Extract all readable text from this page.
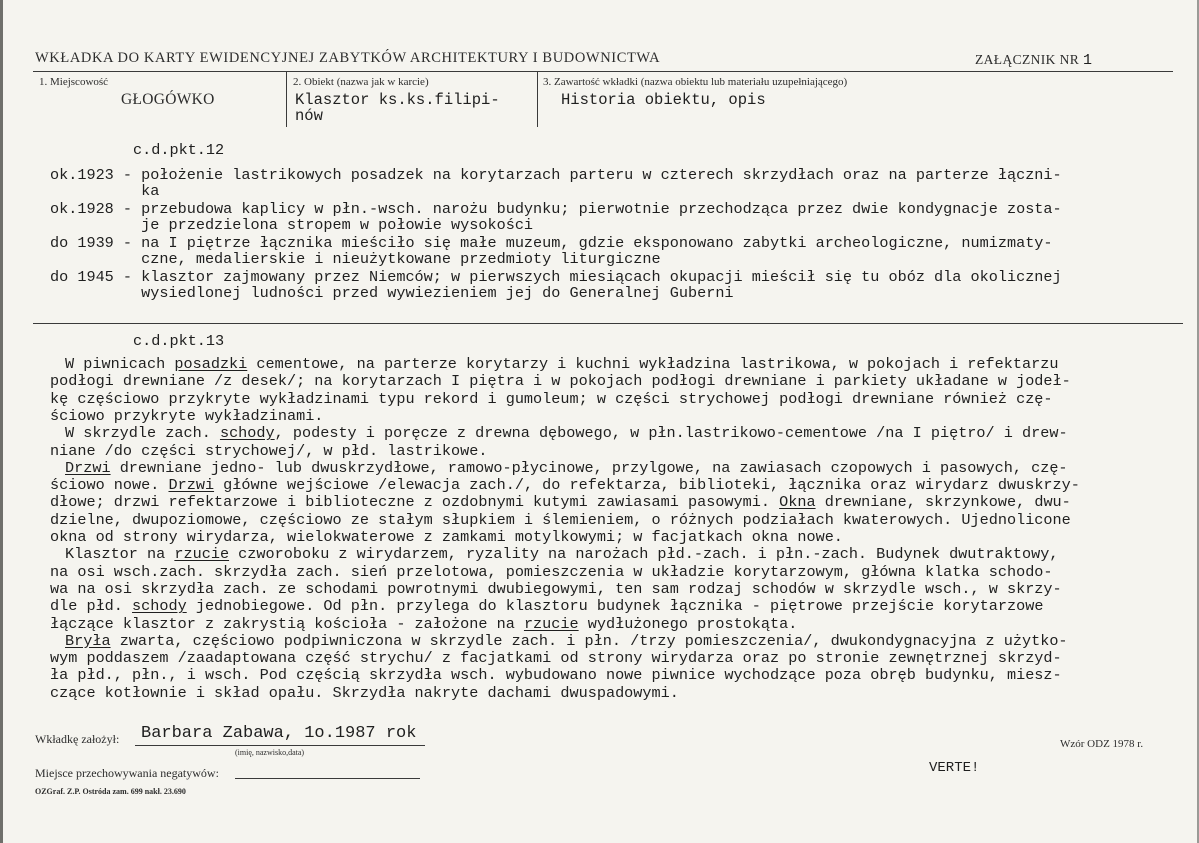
WKŁADKA DO KARTY EWIDENCYJNEJ ZABYTKÓW ARCHITEKTURY I BUDOWNICTWA	ZAŁĄCZNIK NR 1
1. Miejscowość
GŁOGÓWKO
2. Obiekt (nazwa jak w karcie)
Klasztor ks.ks.filipi-
nów
3. Zawartość wkładki (nazwa obiektu lub materiału uzupełniającego)
Historia obiektu, opis
c.d.pkt.12
ok.1923 - położenie lastrikowych posadzek na korytarzach parteru w czterech skrzydłach oraz na parterze łączni-
ka
ok.1928 - przebudowa kaplicy w płn.-wsch. narożu budynku; pierwotnie przechodząca przez dwie kondygnacje zosta-
je przedzielona stropem w połowie wysokości
do 1939 - na I piętrze łącznika mieściło się małe muzeum, gdzie eksponowano zabytki archeologiczne, numizmaty-
czne, medalierskie i nieużytkowane przedmioty liturgiczne
do 1945 - klasztor zajmowany przez Niemców; w pierwszych miesiącach okupacji mieścił się tu obóz dla okolicznej
wysiedlonej ludności przed wywiezieniem jej do Generalnej Guberni
c.d.pkt.13
W piwnicach posadzki cementowe, na parterze korytarzy i kuchni wykładzina lastrikowa, w pokojach i refektarzu
podłogi drewniane /z desek/; na korytarzach I piętra i w pokojach podłogi drewniane i parkiety układane w jodeł-
kę częściowo przykryte wykładzinami typu rekord i gumoleum; w części strychowej podłogi drewniane również czę-
ściowo przykryte wykładzinami.
W skrzydle zach. schody, podesty i poręcze z drewna dębowego, w płn.lastrikowo-cementowe /na I piętro/ i drew-
niane /do części strychowej/, w płd. lastrikowe.
Drzwi drewniane jedno- lub dwuskrzydłowe, ramowo-płycinowe, przylgowe, na zawiasach czopowych i pasowych, czę-
ściowo nowe. Drzwi główne wejściowe /elewacja zach./, do refektarza, biblioteki, łącznika oraz wirydarz dwuskrzy-
dłowe; drzwi refektarzowe i biblioteczne z ozdobnymi kutymi zawiasami pasowymi. Okna drewniane, skrzynkowe, dwu-
dzielne, dwupoziomowe, częściowo ze stałym słupkiem i ślemieniem, o różnych podziałach kwaterowych. Ujednolicone
okna od strony wirydarza, wielokwaterowe z zamkami motylkowymi; w facjatkach okna nowe.
Klasztor na rzucie czworoboku z wirydarzem, ryzality na narożach płd.-zach. i płn.-zach. Budynek dwutraktowy,
na osi wsch.zach. skrzydła zach. sień przelotowa, pomieszczenia w układzie korytarzowym, główna klatka schodo-
wa na osi skrzydła zach. ze schodami powrotnymi dwubiegowymi, ten sam rodzaj schodów w skrzydle wsch., w skrzy-
dle płd. schody jednobiegowe. Od płn. przylega do klasztoru budynek łącznika - piętrowe przejście korytarzowe
łączące klasztor z zakrystią kościoła - założone na rzucie wydłużonego prostokąta.
Bryła zwarta, częściowo podpiwniczona w skrzydle zach. i płn. /trzy pomieszczenia/, dwukondygnacyjna z użytko-
wym poddaszem /zaadaptowana część strychu/ z facjatkami od strony wirydarza oraz po stronie zewnętrznej skrzyd-
ła płd., płn., i wsch. Pod częścią skrzydła wsch. wybudowano nowe piwnice wychodzące poza obręb budynku, miesz-
czące kotłownie i skład opału. Skrzydła nakryte dachami dwuspadowymi.
Wkładkę założył: Barbara Zabawa, 1o.1987 rok
(imię, nazwisko,data)
Wzór ODZ 1978 r.
Miejsce przechowywania negatywów:	VERTE!
OZGraf. Z.P. Ostróda zam. 699 nakł. 23.690
